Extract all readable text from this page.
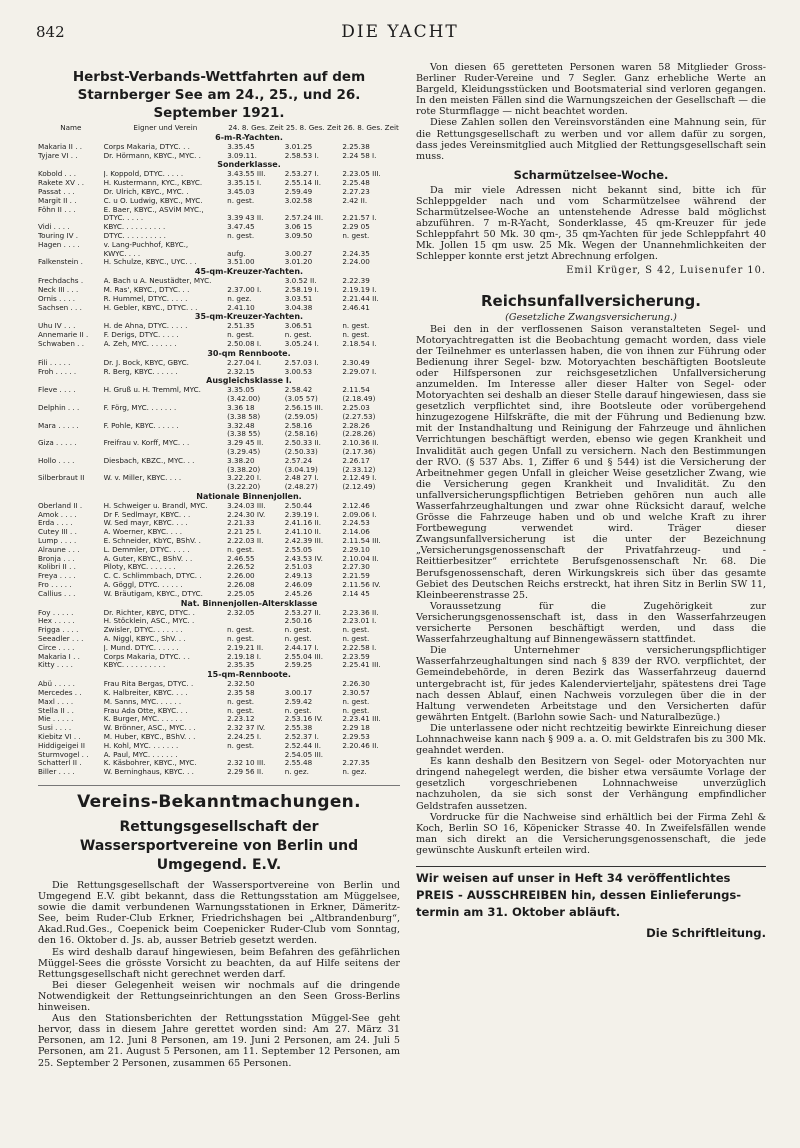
842	DIE YACHT
Herbst-Verbands-Wettfahrten auf dem Starnberger See am 24., 25., und 26. September 1921.
Name	Eigner und Verein	24. 8. Ges. Zeit	25. 8. Ges. Zeit	26. 8. Ges. Zeit
6-m-R-Yachten.
Makaria II . .	Corps Makaria, DTYC. . .	3.35.45	3.01.25	2.25.38
Tyjare VI . .	Dr. Hörmann, KBYC., MYC. .	3.09.11.	2.58.53 I.	2.24 58 I.
Sonderklasse.
Kobold . . .	J. Koppold, DTYC. . . . .	3.43.55 III.	2.53.27 I.	2.23.05 III.
Rakete XV . .	H. Kustermann, KYC., KBYC.	3.35.15 I.	2.55.14 II.	2.25.48
Passat . . .	Dr. Ulrich, KBYC., MYC. .	3.45.03	2.59.49	2.27.23
Margit II . .	C. u O. Ludwig, KBYC., MYC.	n. gest.	3.02.58	2.42 II.
Föhn II . . .	E. Baer, KBYC., ASViM MYC.,			
	DTYC. . . . .	3.39 43 II.	2.57.24 III.	2.21.57 I.
Vidi . . . .	KBYC. . . . . . . . . .	3.47.45	3.06 15	2.29 05
Touring IV .	DTYC. . . . . . . . . .	n. gest.	3.09.50	n. gest.
Hagen . . . .	v. Lang-Puchhof, KBYC.,			
	KWYC. . . .	aufg.	3.00.27	2.24.35
Falkenstein .	H. Schulze, KBYC., UYC. . .	3.51.00	3.01.20	2.24.00
45-qm-Kreuzer-Yachten.
Frechdachs .	A. Bach u A. Neustädter, MYC.		3.0.52 II.	2.22.39
Neck III . . .	M. Ras', KBYC., DTYC. . .	2.37.00 I.	2.58.19 I.	2.19.19 I.
Ornis . . . .	R. Hummel, DTYC. . . . .	n. gez.	3.03.51	2.21.44 II.
Sachsen . . .	H. Gebler, KBYC., DTYC. . .	2.41.10	3.04.38	2.46.41
35-qm-Kreuzer-Yachten.
Uhu IV . . .	H. de Ahna, DTYC. . . . .	2.51.35	3.06.51	n. gest.
Annemarie II .	F. Derigs, DTYC. . . . .	n. gest.	n. gest.	n. gest.
Schwaben . .	A. Zeh, MYC. . . . . . .	2.50.08 I.	3.05.24 I.	2.18.54 I.
30-qm Rennboote.
Fili . . . . .	Dr. J. Bock, KBYC, GBYC.	2.27.04 I.	2.57.03 I.	2.30.49
Froh . . . . .	R. Berg, KBYC. . . . . .	2.32.15	3.00.53	2.29.07 I.
Ausgleichsklasse I.
Fleve . . . .	H. Gruß u. H. Tremml, MYC.	3.35.05	2.58.42	2.11.54
		(3.42.00)	(3.05 57)	(2.18.49)
Delphin . . .	F. Förg, MYC. . . . . . .	3.36 18	2.56.15 III.	2.25.03
		(3.38 58)	(2.59.05)	(2.27.53)
Mara . . . . .	F. Pohle, KBYC. . . . . .	3.32.48	2.58.16	2.28.26
		(3.38 55)	(2.58.16)	(2.28.26)
Giza . . . . .	Freifrau v. Korff, MYC. . .	3.29 45 II.	2.50.33 II.	2.10.36 II.
		(3.29.45)	(2.50.33)	(2.17.36)
Hollo . . . .	Diesbach, KBZC., MYC. . .	3.38.20	2.57.24	2.26.17
		(3.38.20)	(3.04.19)	(2.33.12)
Silberbraut II	W. v. Miller, KBYC. . . .	3.22.20 I.	2.48 27 I.	2.12.49 I.
		(3.22.20)	(2.48.27)	(2.12.49)
Nationale Binnenjollen.
Oberland II .	H. Schweiger u. Brandl, MYC.	3.24.03 III.	2.50.44	2.12.46
Amok . . . .	Dr F. Sedlmayr, KBYC. . .	2.24.30 IV.	2.39.19 I.	2.09.06 I.
Erda . . . .	W. Sed mayr, KBYC. . . .	2.21.33	2.41.16 II.	2.24.53
Cutey III . .	A. Woerner, KBYC. . . .	2.21 25 I.	2.41.10 II.	2.14.06
Lump . . . .	E. Schneider, KbYC, BShV. .	2.22.03 II.	2.42.39 III.	2.11.54 III.
Alraune . . .	L. Demmler, DTYC. . . . .	n. gest.	2.55.05	2.29.10
Bronja . . .	A. Guter, KBYC., BShV. . .	2.46.55	2.43.53 IV.	2.10.04 II.
Kolibri II . .	Piloty, KBYC. . . . . . .	2.26.52	2.51.03	2.27.30
Freya . . . .	C. C. Schlimmbach, DTYC. .	2.26.00	2.49.13	2.21.59
Fro . . . . .	A. Göggl, DTYC. . . . . .	2.26.08	2.46.09	2.11.56 IV.
Callius . . .	W. Bräutigam, KBYC., DTYC.	2.25.05	2.45.26	2.14 45
Nat. Binnenjollen-Altersklasse
Foy . . . . .	Dr. Richter, KBYC, DTYC. .	2.32.05	2.53.27 II.	2.23.36 II.
Hex . . . . .	H. Stöcklein, ASC., MYC. .		2.50.16	2.23.01 I.
Frigga . . . .	Zwisler, DTYC. . . . . . .	n. gest.	n. gest.	n. gest.
Seeadler . . .	A. Niggl, KBYC., ShV. . .	n. gest.	n. gest.	n. gest.
Circe . . . .	J. Mund. DTYC. . . . . .	2.19.21 II.	2.44.17 I.	2.22.58 I.
Makaria I . .	Corps Makaria, DTYC. . .	2.19.18 I.	2.55.04 III.	2.23.59
Kitty . . . .	KBYC. . . . . . . . . .	2.35.35	2.59.25	2.25.41 III.
15-qm-Rennboote.
Abü . . . . .	Frau Rita Bergas, DTYC. .	2.32.50		2.26.30
Mercedes . .	K. Halbreiter, KBYC. . . .	2.35 58	3.00.17	2.30.57
Maxl . . . .	M. Sanns, MYC. . . . . .	n. gest.	2.59.42	n. gest.
Stella II . .	Frau Ada Otte, KBYC. . .	n. gest.	n. gest.	n. gest.
Mie . . . . .	K. Burger, MYC. . . . . .	2.23.12	2.53.16 IV.	2.23.41 III.
Susi . . . .	W. Brönner, ASC., MYC. . .	2.32 37 IV.	2.55.38	2.29 18
Kiebitz VI . .	M. Huber, KBYC., BShV. . .	2.24.25 I.	2.52.37 I.	2.29.53
Hiddigeigei II	H. Kohl, MYC. . . . . . .	n. gest.	2.52.44 II.	2.20.46 II.
Sturmvogel . .	A. Paul, MYC. . . . . . .		2.54.05 III.	
Schatterl II .	K. Käsbohrer, KBYC., MYC.	2.32 10 III.	2.55.48	2.27.35
Biller . . . .	W. Berninghaus, KBYC. . .	2.29 56 II.	n. gez.	n. gez.
Vereins-Bekanntmachungen.
Rettungsgesellschaft der Wassersportvereine von Berlin und Umgegend. E.V.

Die Rettungsgesellschaft der Wassersportvereine von Berlin und Umgegend E.V. gibt bekannt, dass die Rettungsstation am Müggelsee, sowie die damit verbundenen Warnungsstationen in Erkner, Dämeritz-See, beim Ruder-Club Erkner, Friedrichshagen bei „Altbrandenburg“, Akad.Rud.Ges., Coepenick beim Coepenicker Ruder-Club vom Sonntag, den 16. Oktober d. Js. ab, ausser Betrieb gesetzt werden.

Es wird deshalb darauf hingewiesen, beim Befahren des gefährlichen Müggel-Sees die grösste Vorsicht zu beachten, da auf Hilfe seitens der Rettungsgesellschaft nicht gerechnet werden darf.

Bei dieser Gelegenheit weisen wir nochmals auf die dringende Notwendigkeit der Rettungseinrichtungen an den Seen Gross-Berlins hinweisen.

Aus den Stationsberichten der Rettungsstation Müggel-See geht hervor, dass in diesem Jahre gerettet worden sind: Am 27. März 31 Personen, am 12. Juni 8 Personen, am 19. Juni 2 Personen, am 24. Juli 5 Personen, am 21. August 5 Personen, am 11. September 12 Personen, am 25. September 2 Personen, zusammen 65 Personen.

Von diesen 65 geretteten Personen waren 58 Mitglieder Gross-Berliner Ruder-Vereine und 7 Segler. Ganz erhebliche Werte an Bargeld, Kleidungsstücken und Bootsmaterial sind verloren gegangen. In den meisten Fällen sind die Warnungszeichen der Gesellschaft — die rote Sturmflagge — nicht beachtet worden.

Diese Zahlen sollen den Vereinsvorständen eine Mahnung sein, für die Rettungsgesellschaft zu werben und vor allem dafür zu sorgen, dass jedes Vereinsmitglied auch Mitglied der Rettungsgesellschaft sein muss.

Scharmützelsee-Woche.

Da mir viele Adressen nicht bekannt sind, bitte ich für Schleppgelder nach und vom Scharmützelsee während der Scharmützelsee-Woche an untenstehende Adresse bald möglichst abzuführen. 7 m-R-Yacht, Sonderklasse, 45 qm-Kreuzer für jede Schleppfahrt 50 Mk. 30 qm-, 35 qm-Yachten für jede Schleppfahrt 40 Mk. Jollen 15 qm usw. 25 Mk. Wegen der Unannehmlichkeiten der Schlepper konnte erst jetzt Abrechnung erfolgen.

Emil Krüger, S 42, Luisenufer 10.
Reichsunfallversicherung.
(Gesetzliche Zwangsversicherung.)

Bei den in der verflossenen Saison veranstalteten Segel- und Motoryachtregatten ist die Beobachtung gemacht worden, dass viele der Teilnehmer es unterlassen haben, die von ihnen zur Führung oder Bedienung ihrer Segel- bzw. Motoryachten beschäftigten Bootsleute oder Hilfspersonen zur reichsgesetzlichen Unfallversicherung anzumelden. Im Interesse aller dieser Halter von Segel- oder Motoryachten sei deshalb an dieser Stelle darauf hingewiesen, dass sie gesetzlich verpflichtet sind, ihre Bootsleute oder vorübergehend hinzugezogene Hilfskräfte, die mit der Führung und Bedienung bzw. mit der Instandhaltung und Reinigung der Fahrzeuge und ähnlichen Verrichtungen beschäftigt werden, ebenso wie gegen Krankheit und Invalidität auch gegen Unfall zu versichern. Nach den Bestimmungen der RVO. (§ 537 Abs. 1, Ziffer 6 und § 544) ist die Versicherung der Arbeitnehmer gegen Unfall in gleicher Weise gesetzlicher Zwang, wie die Versicherung gegen Krankheit und Invalidität. Zu den unfallversicherungspflichtigen Betrieben gehören nun auch alle Wasserfahrzeughaltungen und zwar ohne Rücksicht darauf, welche Grösse die Fahrzeuge haben und ob und welche Kraft zu ihrer Fortbewegung verwendet wird. Träger dieser Zwangsunfallversicherung ist die unter der Bezeichnung „Versicherungsgenossenschaft der Privatfahrzeug- und -Reittierbesitzer“ errichtete Berufsgenossenschaft Nr. 68. Die Berufsgenossenschaft, deren Wirkungskreis sich über das gesamte Gebiet des Deutschen Reichs erstreckt, hat ihren Sitz in Berlin SW 11, Kleinbeerenstrasse 25.

Voraussetzung für die Zugehörigkeit zur Versicherungsgenossenschaft ist, dass in den Wasserfahrzeugen versicherte Personen beschäftigt werden, und dass die Wasserfahrzeughaltung auf Binnengewässern stattfindet.

Die Unternehmer versicherungspflichtiger Wasserfahrzeughaltungen sind nach § 839 der RVO. verpflichtet, der Gemeindebehörde, in deren Bezirk das Wasserfahrzeug dauernd untergebracht ist, für jedes Kalendervierteljahr, spätestens drei Tage nach dessen Ablauf, einen Nachweis vorzulegen über die in der Haltung verwendeten Arbeitstage und den Versicherten dafür gewährten Entgelt. (Barlohn sowie Sach- und Naturalbezüge.)

Die unterlassene oder nicht rechtzeitig bewirkte Einreichung dieser Lohnnachweise kann nach § 909 a. a. O. mit Geldstrafen bis zu 300 Mk. geahndet werden.

Es kann deshalb den Besitzern von Segel- oder Motoryachten nur dringend nahegelegt werden, die bisher etwa versäumte Vorlage der gesetzlich vorgeschriebenen Lohnnachweise unverzüglich nachzuholen, da sie sich sonst der Verhängung empfindlicher Geldstrafen aussetzen.

Vordrucke für die Nachweise sind erhältlich bei der Firma Zehl & Koch, Berlin SO 16, Köpenicker Strasse 40. In Zweifelsfällen wende man sich direkt an die Versicherungsgenossenschaft, die jede gewünschte Auskunft erteilen wird.

Wir weisen auf unser in Heft 34 veröffentlichtes
PREIS - AUSSCHREIBEN hin, dessen Einlieferungs-
termin am 31. Oktober abläuft.
Die Schriftleitung.
